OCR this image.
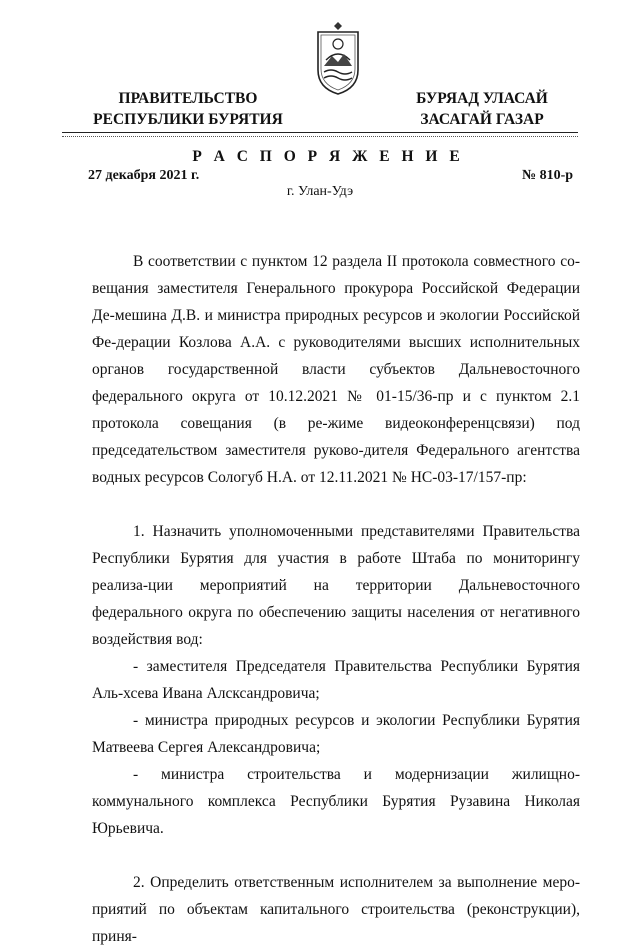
ПРАВИТЕЛЬСТВО
РЕСПУБЛИКИ БУРЯТИЯ
БУРЯАД УЛАСАЙ
ЗАСАГАЙ ГАЗАР
Р А С П О Р Я Ж Е Н И Е
27 декабря 2021 г.	№ 810-р
г. Улан-Удэ

В соответствии с пунктом 12 раздела II протокола совместного со-вещания заместителя Генерального прокурора Российской Федерации Де-мешина Д.В. и министра природных ресурсов и экологии Российской Фе-дерации Козлова А.А. с руководителями высших исполнительных органов государственной власти субъектов Дальневосточного федерального округа от 10.12.2021 № 01-15/36-пр и с пунктом 2.1 протокола совещания (в ре-жиме видеоконференцсвязи) под председательством заместителя руково-дителя Федерального агентства водных ресурсов Сологуб Н.А. от 12.11.2021 № НС-03-17/157-пр:

1. Назначить уполномоченными представителями Правительства Республики Бурятия для участия в работе Штаба по мониторингу реализа-ции мероприятий на территории Дальневосточного федерального округа по обеспечению защиты населения от негативного воздействия вод:

- заместителя Председателя Правительства Республики Бурятия Аль-хсева Ивана Алсксандровича;

- министра природных ресурсов и экологии Республики Бурятия Матвеева Сергея Александровича;

- министра строительства и модернизации жилищно-коммунального комплекса Республики Бурятия Рузавина Николая Юрьевича.

2. Определить ответственным исполнителем за выполнение меро-приятий по объектам капитального строительства (реконструкции), приня-
